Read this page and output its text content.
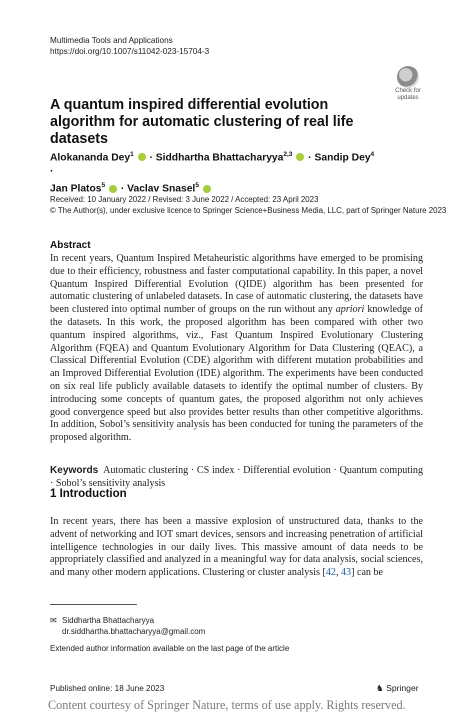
Multimedia Tools and Applications
https://doi.org/10.1007/s11042-023-15704-3
Check for
updates
A quantum inspired differential evolution algorithm for automatic clustering of real life datasets
Alokananda Dey$^1$  · Siddhartha Bhattacharyya$^{2,3}$  · Sandip Dey$^4$ ·
Jan Platos$^5$  · Vaclav Snasel$^5$
Received: 10 January 2022 / Revised: 3 June 2022 / Accepted: 23 April 2023
© The Author(s), under exclusive licence to Springer Science+Business Media, LLC, part of Springer Nature 2023
Abstract
In recent years, Quantum Inspired Metaheuristic algorithms have emerged to be promising due to their efficiency, robustness and faster computational capability. In this paper, a novel Quantum Inspired Differential Evolution (QIDE) algorithm has been presented for automatic clustering of unlabeled datasets. In case of automatic clustering, the datasets have been clustered into optimal number of groups on the run without any apriori knowledge of the datasets. In this work, the proposed algorithm has been compared with other two quantum inspired algorithms, viz., Fast Quantum Inspired Evolutionary Clustering Algorithm (FQEA) and Quantum Evolutionary Algorithm for Data Clustering (QEAC), a Classical Differential Evolution (CDE) algorithm with different mutation probabilities and an Improved Differential Evolution (IDE) algorithm. The experiments have been conducted on six real life publicly available datasets to identify the optimal number of clusters. By introducing some concepts of quantum gates, the proposed algorithm not only achieves good convergence speed but also provides better results than other competitive algorithms. In addition, Sobol’s sensitivity analysis has been conducted for tuning the parameters of the proposed algorithm.
Keywords Automatic clustering · CS index · Differential evolution · Quantum computing · Sobol’s sensitivity analysis
1 Introduction
In recent years, there has been a massive explosion of unstructured data, thanks to the advent of networking and IOT smart devices, sensors and increasing penetration of artificial intelligence technologies in our daily lives. This massive amount of data needs to be appropriately classified and analyzed in a meaningful way for data analysis, social sciences, and many other modern applications. Clustering or cluster analysis [42, 43] can be
✉ Siddhartha Bhattacharyya
dr.siddhartha.bhattacharyya@gmail.com
Extended author information available on the last page of the article
Published online: 18 June 2023	♞ Springer
Content courtesy of Springer Nature, terms of use apply. Rights reserved.
